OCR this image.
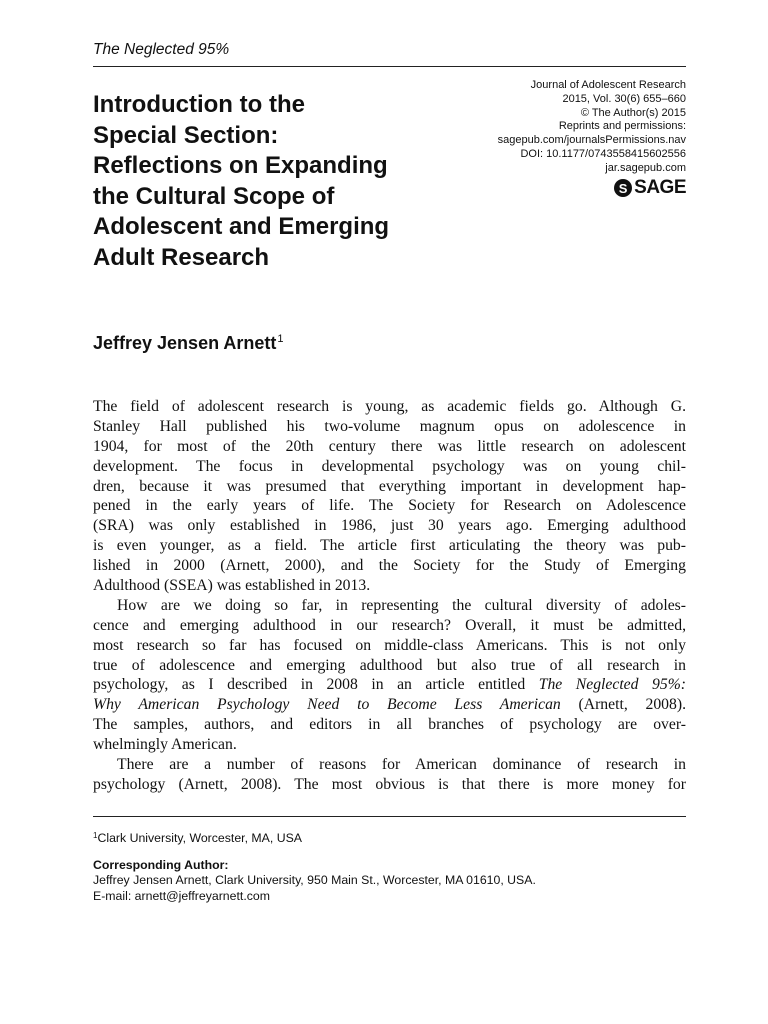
The Neglected 95%
Introduction to the
Special Section:
Reflections on Expanding
the Cultural Scope of
Adolescent and Emerging
Adult Research
Journal of Adolescent Research
2015, Vol. 30(6) 655–660
© The Author(s) 2015
Reprints and permissions:
sagepub.com/journalsPermissions.nav
DOI: 10.1177/0743558415602556
jar.sagepub.com
S SAGE
Jeffrey Jensen Arnett$^1$
The field of adolescent research is young, as academic fields go. Although G.
Stanley Hall published his two-volume magnum opus on adolescence in
1904, for most of the 20th century there was little research on adolescent
development. The focus in developmental psychology was on young chil-
dren, because it was presumed that everything important in development hap-
pened in the early years of life. The Society for Research on Adolescence
(SRA) was only established in 1986, just 30 years ago. Emerging adulthood
is even younger, as a field. The article first articulating the theory was pub-
lished in 2000 (Arnett, 2000), and the Society for the Study of Emerging
Adulthood (SSEA) was established in 2013.
How are we doing so far, in representing the cultural diversity of adoles-
cence and emerging adulthood in our research? Overall, it must be admitted,
most research so far has focused on middle-class Americans. This is not only
true of adolescence and emerging adulthood but also true of all research in
psychology, as I described in 2008 in an article entitled The Neglected 95%:
Why American Psychology Need to Become Less American (Arnett, 2008).
The samples, authors, and editors in all branches of psychology are over-
whelmingly American.
There are a number of reasons for American dominance of research in
psychology (Arnett, 2008). The most obvious is that there is more money for
$^1$Clark University, Worcester, MA, USA
Corresponding Author:
Jeffrey Jensen Arnett, Clark University, 950 Main St., Worcester, MA 01610, USA.
E-mail: arnett@jeffreyarnett.com
